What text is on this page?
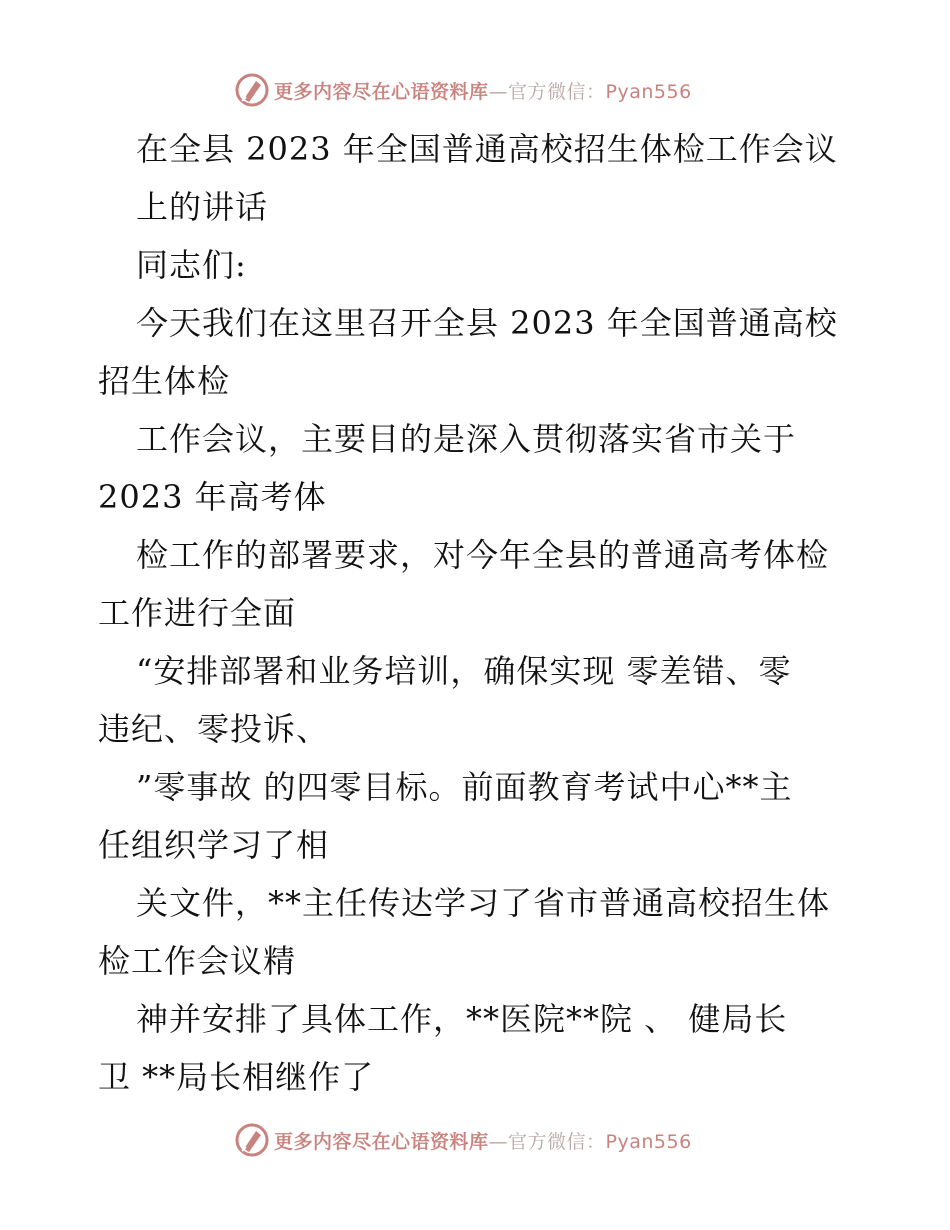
更多内容尽在心语资料库—官方微信：Pyan556
在全县 2023 年全国普通高校招生体检工作会议
上的讲话
同志们:
今天我们在这里召开全县 2023 年全国普通高校
招生体检
工作会议，主要目的是深入贯彻落实省市关于
2023 年高考体
检工作的部署要求，对今年全县的普通高考体检
工作进行全面
“安排部署和业务培训，确保实现 零差错、零
违纪、零投诉、
”零事故 的四零目标。前面教育考试中心**主
任组织学习了相
关文件，**主任传达学习了省市普通高校招生体
检工作会议精
神并安排了具体工作，**医院**院 、 健局长
卫 **局长相继作了
更多内容尽在心语资料库—官方微信：Pyan556
